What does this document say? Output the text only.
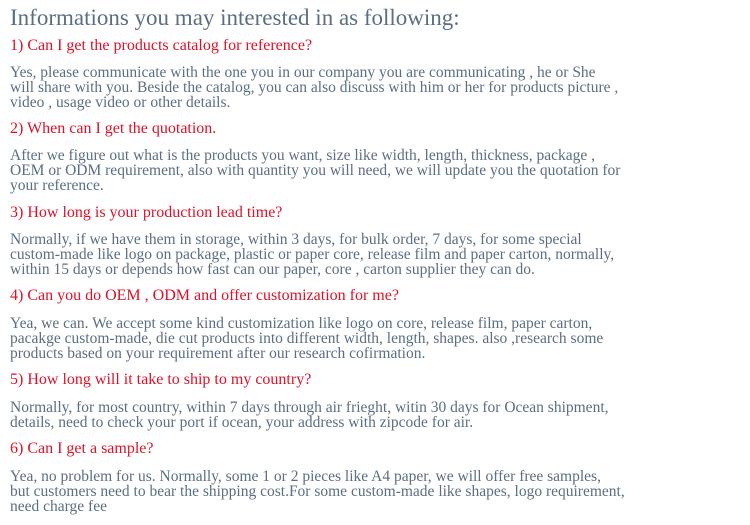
Informations you may interested in as following:
1) Can I get the products catalog for reference?
Yes, please communicate with the one you in our company you are communicating , he or She
will share with you. Beside the catalog, you can also discuss with him or her for products picture ,
video , usage video or other details.
2) When can I get the quotation.
After we figure out what is the products you want, size like width, length, thickness, package ,
OEM or ODM requirement, also with quantity you will need, we will update you the quotation for
your reference.
3) How long is your production lead time?
Normally, if we have them in storage, within 3 days, for bulk order, 7 days, for some special
custom-made like logo on package, plastic or paper core, release film and paper carton, normally,
within 15 days or depends how fast can our paper, core , carton supplier they can do.
4) Can you do OEM , ODM and offer customization for me?
Yea, we can. We accept some kind customization like logo on core, release film, paper carton,
pacakge custom-made, die cut products into different width, length, shapes. also ,research some
products based on your requirement after our research cofirmation.
5) How long will it take to ship to my country?
Normally, for most country, within 7 days through air frieght, witin 30 days for Ocean shipment,
details, need to check your port if ocean, your address with zipcode for air.
6) Can I get a sample?
Yea, no problem for us. Normally, some 1 or 2 pieces like A4 paper, we will offer free samples,
but customers need to bear the shipping cost.For some custom-made like shapes, logo requirement,
need charge fee
